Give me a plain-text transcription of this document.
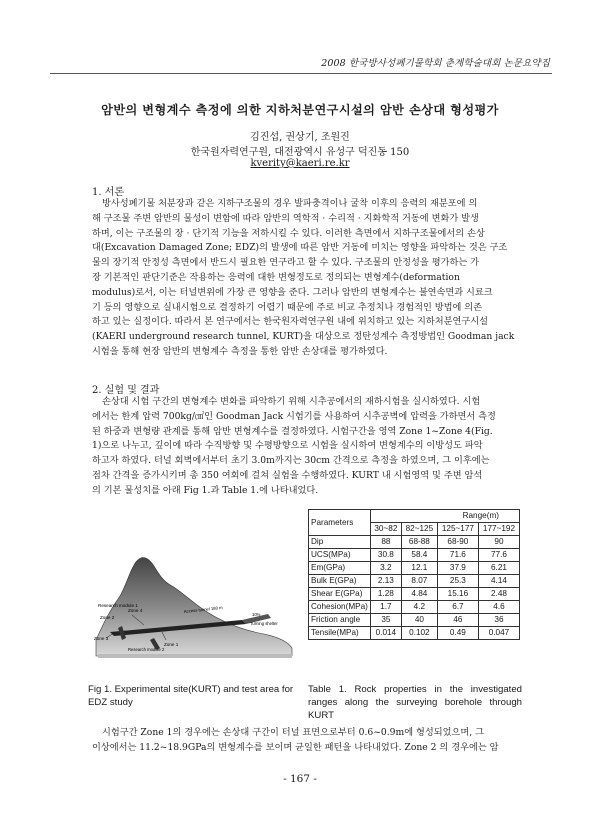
2008 한국방사성폐기물학회 춘계학술대회 논문요약집
암반의 변형계수 측정에 의한 지하처분연구시설의 암반 손상대 형성평가
김진섭, 권상기, 조원진
한국원자력연구원, 대전광역시 유성구 덕진동 150
kverity@kaeri.re.kr
1. 서론
방사성폐기물 처분장과 같은 지하구조물의 경우 발파충격이나 굴착 이후의 응력의 재분포에 의
해 구조물 주변 암반의 물성이 변함에 따라 암반의 역학적 · 수리적 · 지화학적 거동에 변화가 발생
하며, 이는 구조물의 장 · 단기적 기능을 저하시킬 수 있다. 이러한 측면에서 지하구조물에서의 손상
대(Excavation Damaged Zone; EDZ)의 발생에 따른 암반 거동에 미치는 영향을 파악하는 것은 구조
물의 장기적 안정성 측면에서 반드시 필요한 연구라고 할 수 있다. 구조물의 안정성을 평가하는 가
장 기본적인 판단기준은 작용하는 응력에 대한 변형정도로 정의되는 변형계수(deformation
modulus)로서, 이는 터널변위에 가장 큰 영향을 준다. 그러나 암반의 변형계수는 불연속면과 시료크
기 등의 영향으로 실내시험으로 결정하기 어렵기 때문에 주로 비교 추정치나 경험적인 방법에 의존
하고 있는 실정이다. 따라서 본 연구에서는 한국원자력연구원 내에 위치하고 있는 지하처분연구시설
(KAERI underground research tunnel, KURT)을 대상으로 정탄성계수 측정방법인 Goodman jack
시험을 통해 현장 암반의 변형계수 측정을 통한 암반 손상대를 평가하였다.
2. 실험 및 결과
손상대 시험 구간의 변형계수 변화를 파악하기 위해 시추공에서의 재하시험을 실시하였다. 시험
에서는 한계 압력 700kg/㎠인 Goodman Jack 시험기를 사용하여 시추공벽에 압력을 가하면서 측정
된 하중과 변형량 관계를 통해 암반 변형계수를 결정하였다. 시험구간을 영역 Zone 1~Zone 4(Fig.
1)으로 나누고, 깊이에 따라 수직방향 및 수평방향으로 시험을 실시하여 변형계수의 이방성도 파악
하고자 하였다. 터널 회벽에서부터 초기 3.0m까지는 30cm 간격으로 측정을 하였으며, 그 이후에는
점차 간격을 증가시키며 총 350 여회에 걸쳐 실험을 수행하였다. KURT 내 시험영역 및 주변 암석
의 기본 물성치를 아래 Fig 1.과 Table 1.에 나타내었다.
Research module 1
Zone 2
Zone 3
Zone 4
Zone 1
Access tunnel 180 m
Turning shelter
Research module 2
10%
Fig 1. Experimental site(KURT) and test area for EDZ study
Parameters	Range(m)			
	30~82	82~125	125~177	177~192
Dip	88	68-88	68-90	90
UCS(MPa)	30.8	58.4	71.6	77.6
Em(GPa)	3.2	12.1	37.9	6.21
Bulk E(GPa)	2.13	8.07	25.3	4.14
Shear E(GPa)	1.28	4.84	15.16	2.48
Cohesion(MPa)	1.7	4.2	6.7	4.6
Friction angle	35	40	46	36
Tensile(MPa)	0.014	0.102	0.49	0.047
Table 1. Rock properties in the investigated ranges along the surveying borehole through KURT
시험구간 Zone 1의 경우에는 손상대 구간이 터널 표면으로부터 0.6~0.9m에 형성되었으며, 그
이상에서는 11.2~18.9GPa의 변형계수를 보이며 균일한 패턴을 나타내었다. Zone 2 의 경우에는 암
- 167 -
